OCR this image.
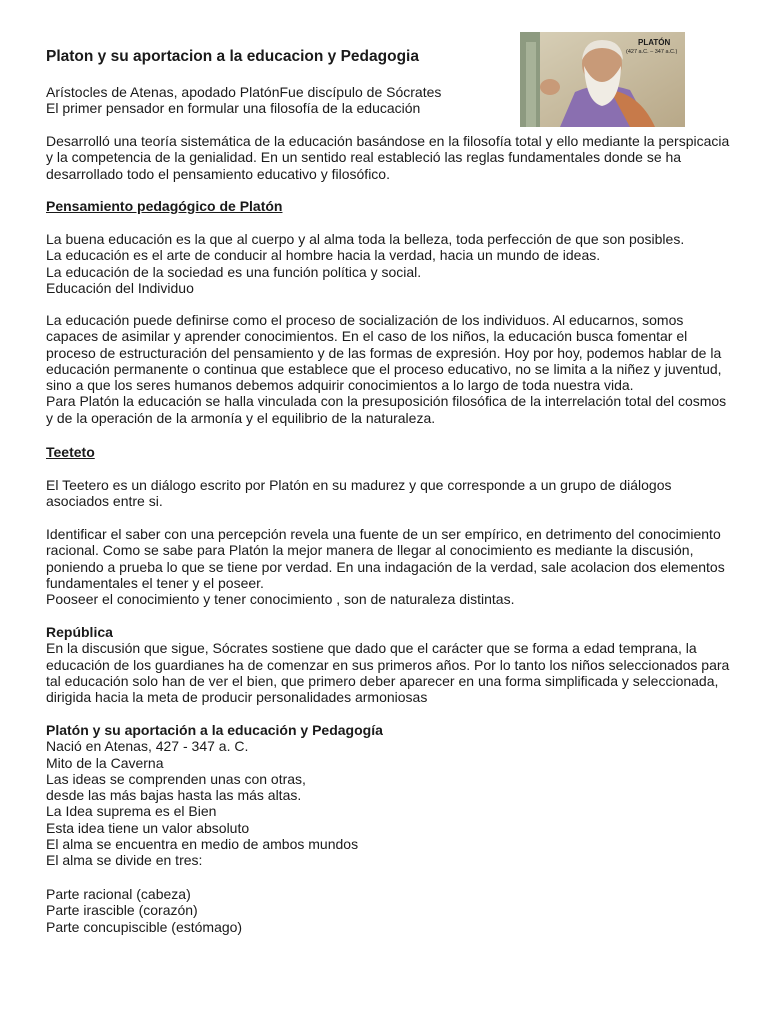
Platon y su aportacion a la educacion y Pedagogia
PLATÓN
(427 a.C. – 347 a.C.)

Arístocles de Atenas, apodado PlatónFue discípulo de Sócrates

El primer pensador en formular una filosofía de la educación

Desarrolló una teoría sistemática de la educación basándose en la filosofía total y ello mediante la perspicacia

y la competencia de la genialidad. En un sentido real estableció las reglas fundamentales donde se ha

desarrollado todo el pensamiento educativo y filosófico.

Pensamiento pedagógico de Platón

La buena educación es la que al cuerpo y al alma toda la belleza, toda perfección de que son posibles.

La educación es el arte de conducir al hombre hacia la verdad, hacia un mundo de ideas.

La educación de la sociedad es una función política y social.

Educación del Individuo

La educación puede definirse como el proceso de socialización de los individuos. Al educarnos, somos

capaces de asimilar y aprender conocimientos. En el caso de los niños, la educación busca fomentar el

proceso de estructuración del pensamiento y de las formas de expresión. Hoy por hoy, podemos hablar de la

educación permanente o continua que establece que el proceso educativo, no se limita a la niñez y juventud,

sino a que los seres humanos debemos adquirir conocimientos a lo largo de toda nuestra vida.

Para Platón la educación se halla vinculada con la presuposición filosófica de la interrelación total del cosmos

y de la operación de la armonía y el equilibrio de la naturaleza.

Teeteto

El Teetero es un diálogo escrito por Platón en su madurez y que corresponde a un grupo de diálogos

asociados entre si.

Identificar el saber con una percepción revela una fuente de un ser empírico, en detrimento del conocimiento

racional. Como se sabe para Platón la mejor manera de llegar al conocimiento es mediante la discusión,

poniendo a prueba lo que se tiene por verdad. En una indagación de la verdad, sale acolacion dos elementos

fundamentales el tener y el poseer.

Pooseer el conocimiento y tener conocimiento , son de naturaleza distintas.

República

En la discusión que sigue, Sócrates sostiene que dado que el carácter que se forma a edad temprana, la

educación de los guardianes ha de comenzar en sus primeros años. Por lo tanto los niños seleccionados para

tal educación solo han de ver el bien, que primero deber aparecer en una forma simplificada y seleccionada,

dirigida hacia la meta de producir personalidades armoniosas

Platón y su aportación a la educación y Pedagogía

Nació en Atenas, 427 - 347 a. C.

Mito de la Caverna

Las ideas se comprenden unas con otras,

desde las más bajas hasta las más altas.

La Idea suprema es el Bien

Esta idea tiene un valor absoluto

El alma se encuentra en medio de ambos mundos

El alma se divide en tres:

Parte racional (cabeza)

Parte irascible (corazón)

Parte concupiscible (estómago)
